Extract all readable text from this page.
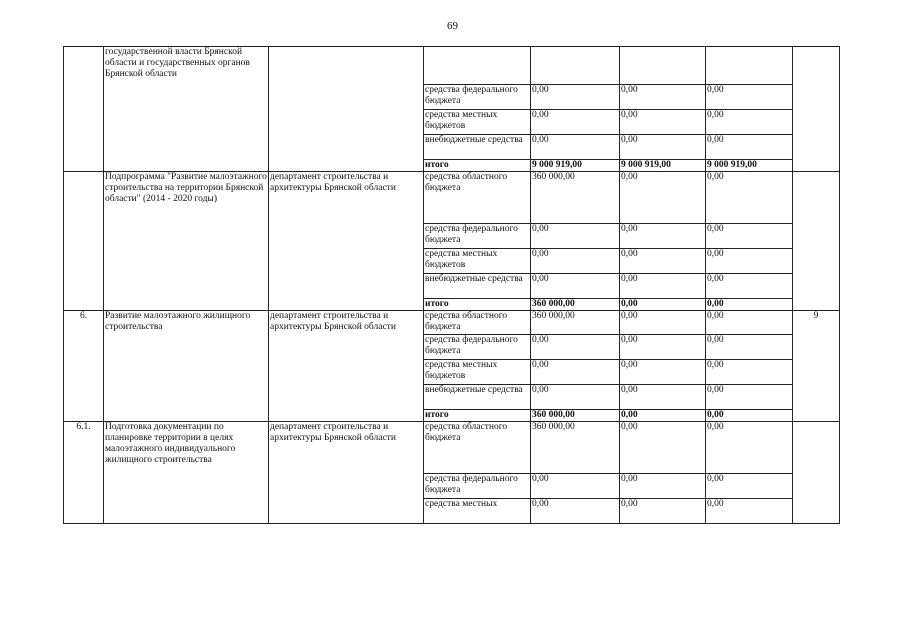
69
	государственной власти Брянской области и государственных органов Брянской области						
			средства федерального бюджета	0,00	0,00	0,00	
			средства местных бюджетов	0,00	0,00	0,00	
			внебюджетные средства	0,00	0,00	0,00	
			итого	9 000 919,00	9 000 919,00	9 000 919,00	
	Подпрограмма "Развитие малоэтажного строительства на территории Брянской области" (2014 - 2020 годы)	департамент строительства и архитектуры Брянской области	средства областного бюджета	360 000,00	0,00	0,00	
			средства федерального бюджета	0,00	0,00	0,00	
			средства местных бюджетов	0,00	0,00	0,00	
			внебюджетные средства	0,00	0,00	0,00	
			итого	360 000,00	0,00	0,00	
6.	Развитие малоэтажного жилищного строительства	департамент строительства и архитектуры Брянской области	средства областного бюджета	360 000,00	0,00	0,00	9
			средства федерального бюджета	0,00	0,00	0,00	
			средства местных бюджетов	0,00	0,00	0,00	
			внебюджетные средства	0,00	0,00	0,00	
			итого	360 000,00	0,00	0,00	
6.1.	Подготовка документации по планировке территории в целях малоэтажного индивидуального жилищного строительства	департамент строительства и архитектуры Брянской области	средства областного бюджета	360 000,00	0,00	0,00	
			средства федерального бюджета	0,00	0,00	0,00	
			средства местных	0,00	0,00	0,00	
